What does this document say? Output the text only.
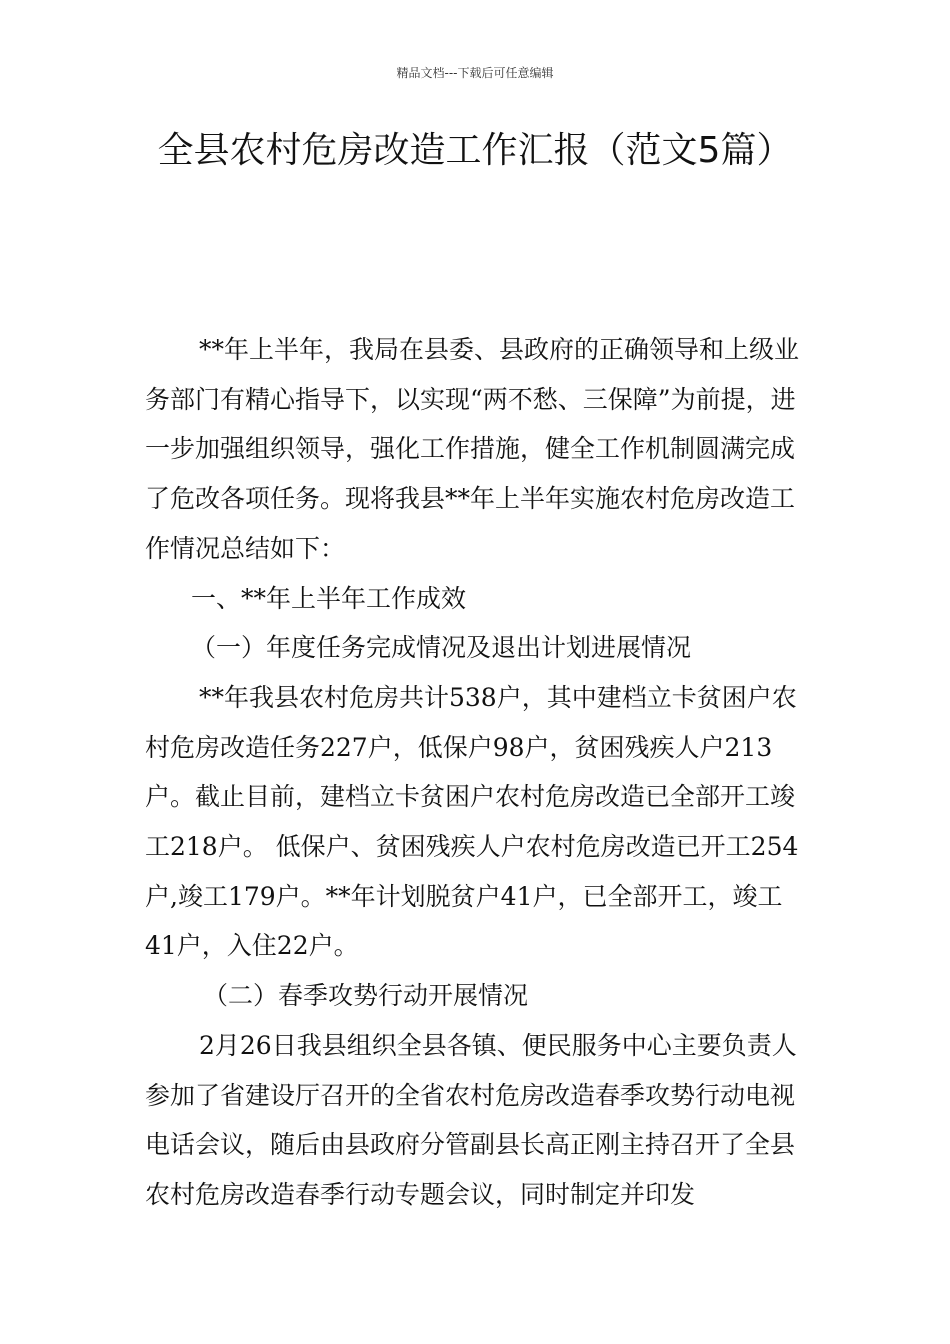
精品文档---下载后可任意编辑
全县农村危房改造工作汇报（范文5篇）

**年上半年，我局在县委、县政府的正确领导和上级业务部门有精心指导下，以实现“两不愁、三保障”为前提，进一步加强组织领导，强化工作措施，健全工作机制圆满完成了危改各项任务。现将我县**年上半年实施农村危房改造工作情况总结如下：

一、**年上半年工作成效

（一）年度任务完成情况及退出计划进展情况

**年我县农村危房共计538户，其中建档立卡贫困户农村危房改造任务227户，低保户98户，贫困残疾人户213户。截止目前，建档立卡贫困户农村危房改造已全部开工竣工218户。 低保户、贫困残疾人户农村危房改造已开工254户,竣工179户。**年计划脱贫户41户，已全部开工，竣工41户，入住22户。

（二）春季攻势行动开展情况

2月26日我县组织全县各镇、便民服务中心主要负责人参加了省建设厅召开的全省农村危房改造春季攻势行动电视电话会议，随后由县政府分管副县长高正刚主持召开了全县农村危房改造春季行动专题会议，同时制定并印发
